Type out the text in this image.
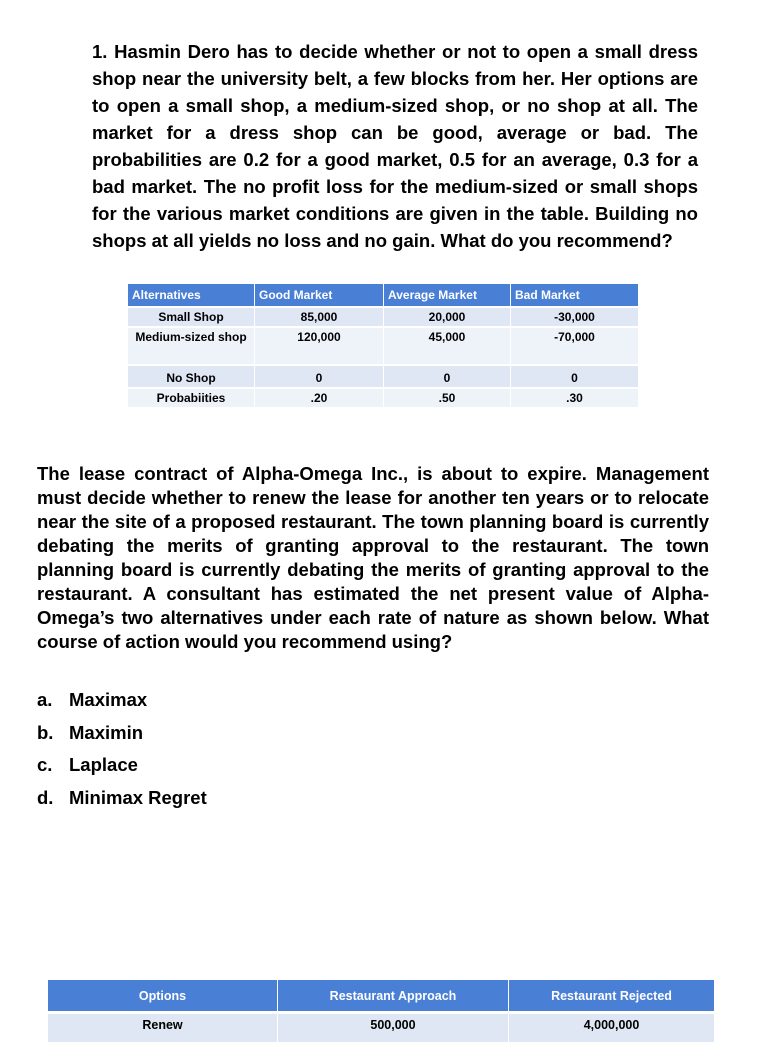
1. Hasmin Dero has to decide whether or not to open a small dress shop near the university belt, a few blocks from her. Her options are to open a small shop, a medium-sized shop, or no shop at all. The market for a dress shop can be good, average or bad. The probabilities are 0.2 for a good market, 0.5 for an average, 0.3 for a bad market. The no profit loss for the medium-sized or small shops for the various market conditions are given in the table. Building no shops at all yields no loss and no gain. What do you recommend?

Alternatives	Good Market	Average Market	Bad Market
Small Shop	85,000	20,000	-30,000
Medium-sized shop	120,000	45,000	-70,000
No Shop	0	0	0
Probabiities	.20	.50	.30

The lease contract of Alpha-Omega Inc., is about to expire. Management must decide whether to renew the lease for another ten years or to relocate near the site of a proposed restaurant. The town planning board is currently debating the merits of granting approval to the restaurant. The town planning board is currently debating the merits of granting approval to the restaurant. A consultant has estimated the net present value of Alpha-Omega’s two alternatives under each rate of nature as shown below. What course of action would you recommend using?

a. Maximax
b. Maximin
c. Laplace
d. Minimax Regret
Options	Restaurant Approach	Restaurant Rejected
Renew	500,000	4,000,000
